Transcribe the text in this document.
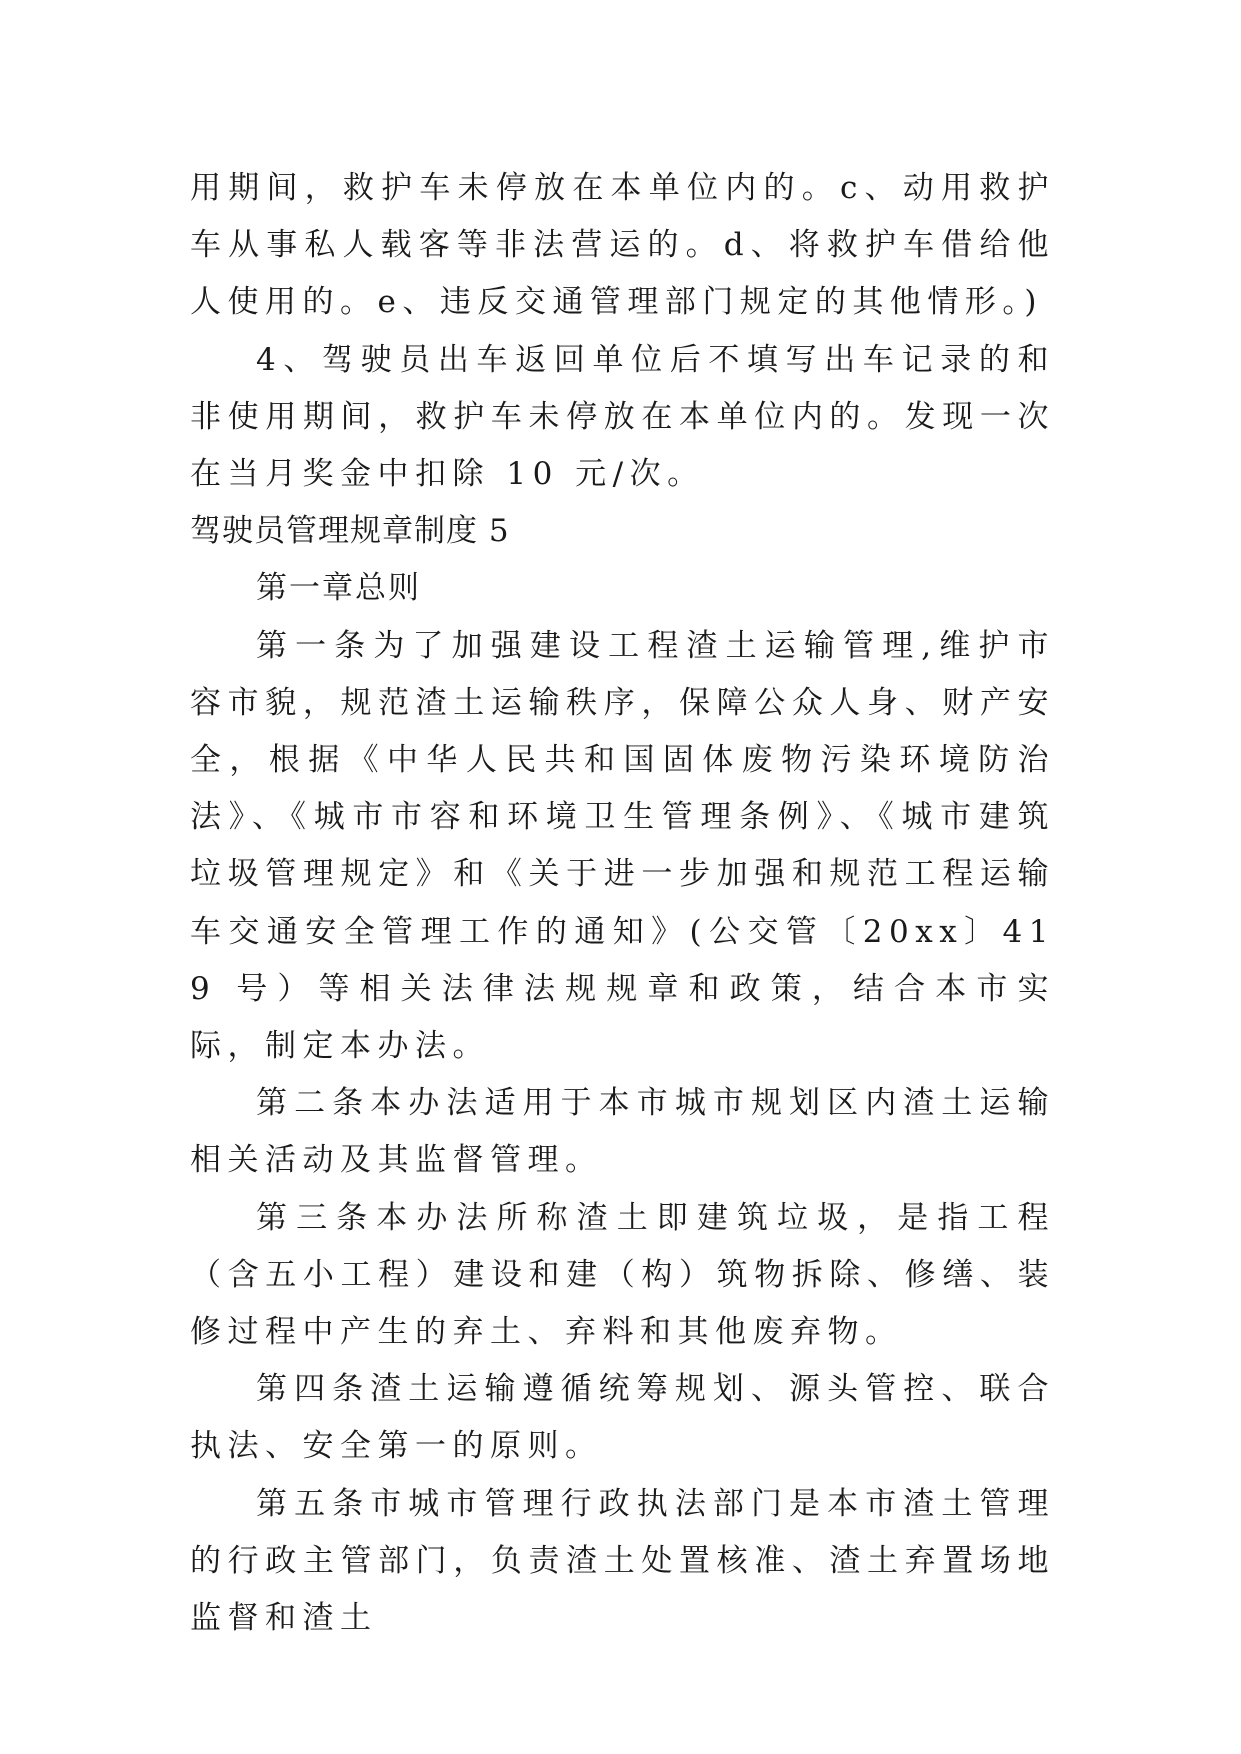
用期间，救护车未停放在本单位内的。c、动用救护车从事私人载客等非法营运的。d、将救护车借给他人使用的。e、违反交通管理部门规定的其他情形。)

4、驾驶员出车返回单位后不填写出车记录的和非使用期间，救护车未停放在本单位内的。发现一次在当月奖金中扣除 10 元/次。

驾驶员管理规章制度 5

第一章总则

第一条为了加强建设工程渣土运输管理,维护市容市貌，规范渣土运输秩序，保障公众人身、财产安全，根据《中华人民共和国固体废物污染环境防治法》、《城市市容和环境卫生管理条例》、《城市建筑垃圾管理规定》和《关于进一步加强和规范工程运输车交通安全管理工作的通知》(公交管〔20xx〕419 号）等相关法律法规规章和政策，结合本市实际，制定本办法。

第二条本办法适用于本市城市规划区内渣土运输相关活动及其监督管理。

第三条本办法所称渣土即建筑垃圾，是指工程（含五小工程）建设和建（构）筑物拆除、修缮、装修过程中产生的弃土、弃料和其他废弃物。

第四条渣土运输遵循统筹规划、源头管控、联合执法、安全第一的原则。

第五条市城市管理行政执法部门是本市渣土管理的行政主管部门，负责渣土处置核准、渣土弃置场地监督和渣土
